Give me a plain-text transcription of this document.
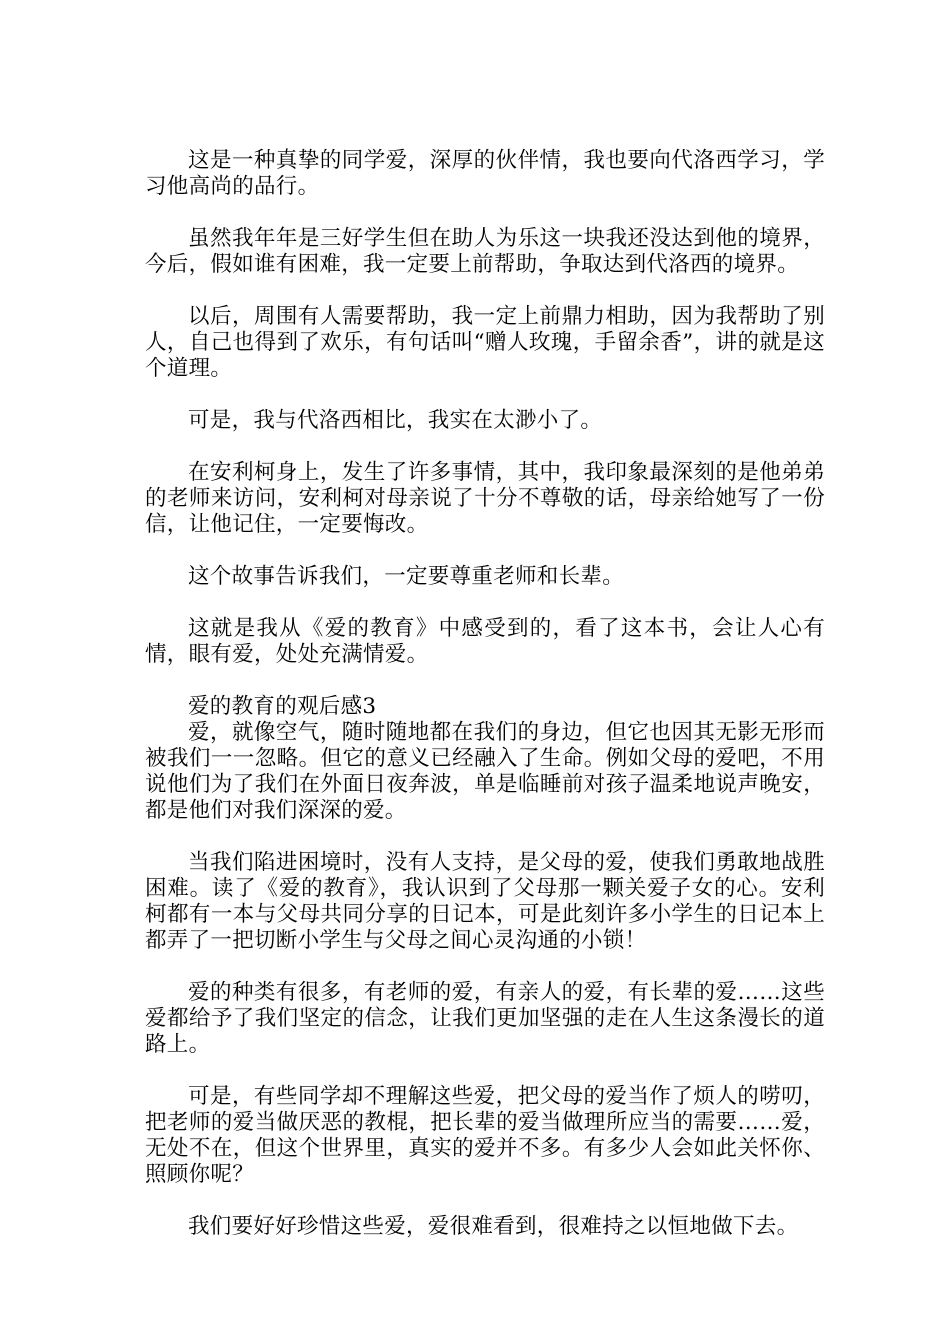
这是一种真挚的同学爱，深厚的伙伴情，我也要向代洛西学习，学习他高尚的品行。

虽然我年年是三好学生但在助人为乐这一块我还没达到他的境界，今后，假如谁有困难，我一定要上前帮助，争取达到代洛西的境界。

以后，周围有人需要帮助，我一定上前鼎力相助，因为我帮助了别人，自己也得到了欢乐，有句话叫“赠人玫瑰，手留余香”，讲的就是这个道理。

可是，我与代洛西相比，我实在太渺小了。

在安利柯身上，发生了许多事情，其中，我印象最深刻的是他弟弟的老师来访问，安利柯对母亲说了十分不尊敬的话，母亲给她写了一份信，让他记住，一定要悔改。

这个故事告诉我们，一定要尊重老师和长辈。

这就是我从《爱的教育》中感受到的，看了这本书，会让人心有情，眼有爱，处处充满情爱。

爱的教育的观后感3

爱，就像空气，随时随地都在我们的身边，但它也因其无影无形而被我们一一忽略。但它的意义已经融入了生命。例如父母的爱吧，不用说他们为了我们在外面日夜奔波，单是临睡前对孩子温柔地说声晚安，都是他们对我们深深的爱。

当我们陷进困境时，没有人支持，是父母的爱，使我们勇敢地战胜困难。读了《爱的教育》，我认识到了父母那一颗关爱子女的心。安利柯都有一本与父母共同分享的日记本，可是此刻许多小学生的日记本上都弄了一把切断小学生与父母之间心灵沟通的小锁！

爱的种类有很多，有老师的爱，有亲人的爱，有长辈的爱……这些爱都给予了我们坚定的信念，让我们更加坚强的走在人生这条漫长的道路上。

可是，有些同学却不理解这些爱，把父母的爱当作了烦人的唠叨，把老师的爱当做厌恶的教棍，把长辈的爱当做理所应当的需要……爱，无处不在，但这个世界里，真实的爱并不多。有多少人会如此关怀你、照顾你呢？

我们要好好珍惜这些爱，爱很难看到，很难持之以恒地做下去。
